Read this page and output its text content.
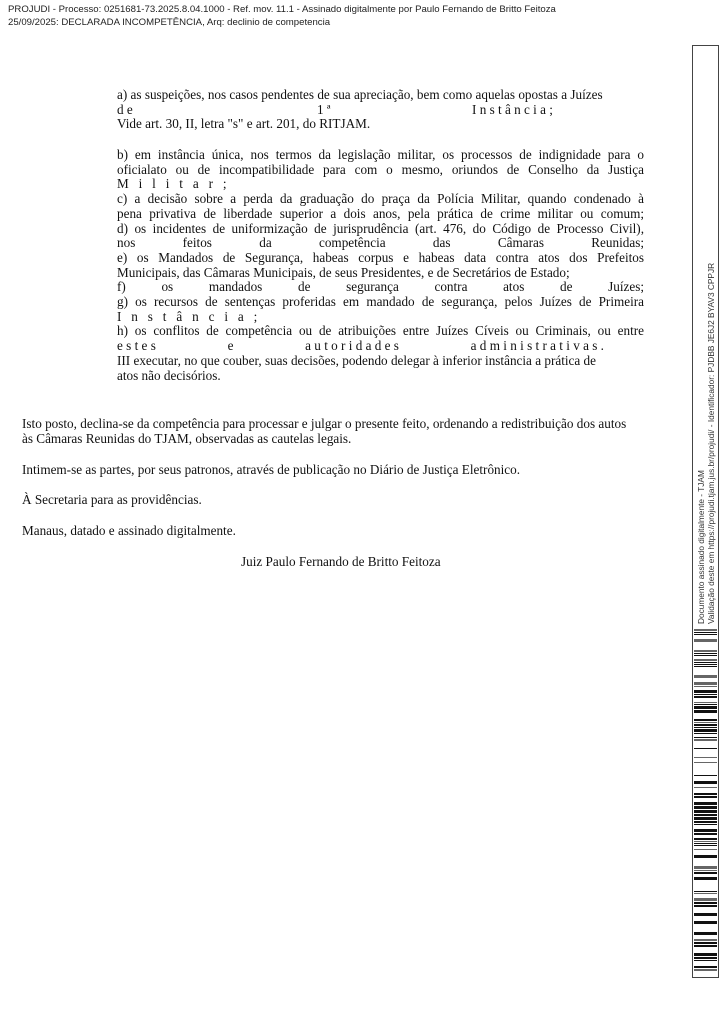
PROJUDI - Processo: 0251681-73.2025.8.04.1000 - Ref. mov. 11.1 - Assinado digitalmente por Paulo Fernando de Britto Feitoza
25/09/2025: DECLARADA INCOMPETÊNCIA, Arq: declinio de competencia
a) as suspeições, nos casos pendentes de sua apreciação, bem como aquelas opostas a Juízes
d e	1 ª	I n s t â n c i a ;
Vide art. 30, II, letra "s" e art. 201, do RITJAM.
b) em instância única, nos termos da legislação militar, os processos de indignidade para o
oficialato ou de incompatibilidade para com o mesmo, oriundos de Conselho da Justiça
M   i   l   i   t   a   r   ;
c) a decisão sobre a perda da graduação do praça da Polícia Militar, quando condenado à
pena privativa de liberdade superior a dois anos, pela prática de crime militar ou comum;
d) os incidentes de uniformização de jurisprudência (art. 476, do Código de Processo Civil),
nos	feitos	da	competência	das	Câmaras	Reunidas;
e) os Mandados de Segurança, habeas corpus e habeas data contra atos dos Prefeitos
Municipais, das Câmaras Municipais, de seus Presidentes, e de Secretários de Estado;
f)	os	mandados	de	segurança	contra	atos	de	Juízes;
g) os recursos de sentenças proferidas em mandado de segurança, pelos Juízes de Primeira
I   n   s   t   â   n   c   i   a   ;
h) os conflitos de competência ou de atribuições entre Juízes Cíveis ou Criminais, ou entre
e s t e s	e	a u t o r i d a d e s	a d m i n i s t r a t i v a s .
III executar, no que couber, suas decisões, podendo delegar à inferior instância a prática de
atos não decisórios.
Isto posto, declina-se da competência para processar e julgar o presente feito, ordenando a redistribuição dos autos às Câmaras Reunidas do TJAM, observadas as cautelas legais.
Intimem-se as partes, por seus patronos, através de publicação no Diário de Justiça Eletrônico.
À Secretaria para as providências.
Manaus, datado e assinado digitalmente.
Juiz Paulo Fernando de Britto Feitoza	Documento assinado digitalmente - TJAM Validação deste em https://projudi.tjam.jus.br/projudi/ - Identificador: PJDBB JE6J2 BYAV3 CPPJR
